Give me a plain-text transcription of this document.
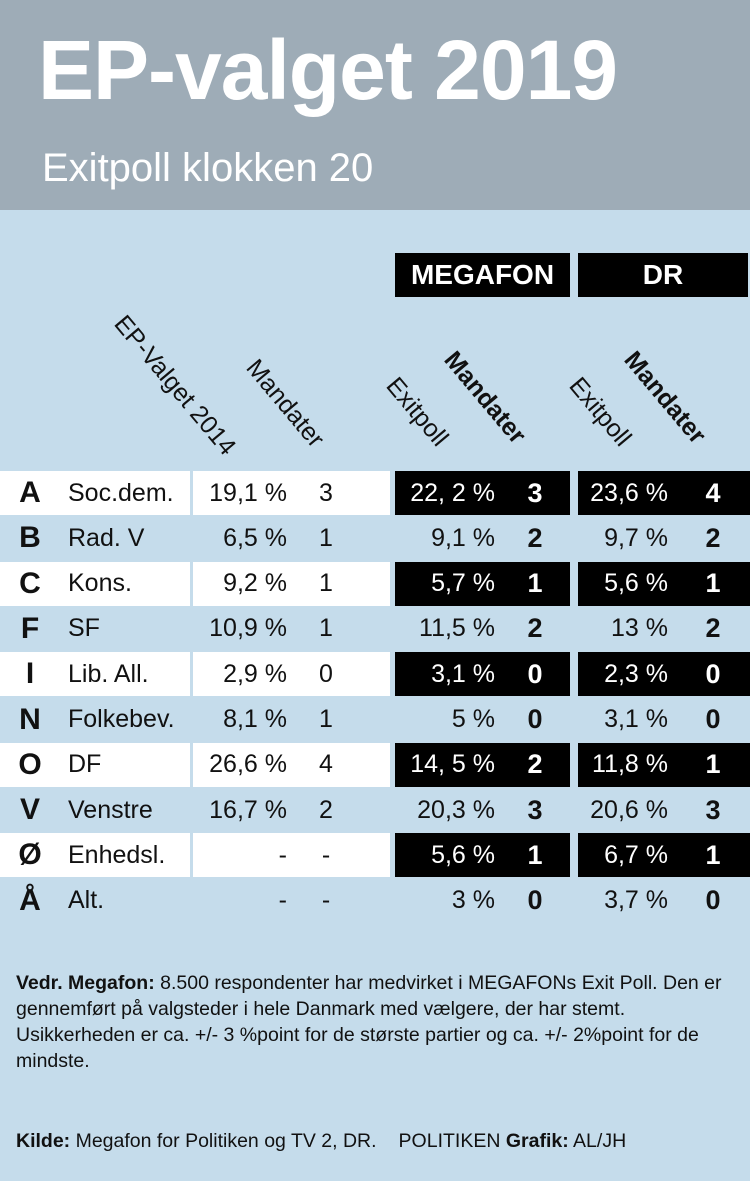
EP-valget 2019
Exitpoll klokken 20
MEGAFON	DR
EP-Valget 2014 Mandater Exitpoll
Mandater Exitpoll
Mandater
A	Soc.dem.	19,1 %	3	22, 2 %	3	23,6 %	4
B	Rad. V	6,5 %	1	9,1 %	2	9,7 %	2
C	Kons.	9,2 %	1	5,7 %	1	5,6 %	1
F	SF	10,9 %	1	11,5 %	2	13 %	2
I	Lib. All.	2,9 %	0	3,1 %	0	2,3 %	0
N	Folkebev.	8,1 %	1	5 %	0	3,1 %	0
O	DF	26,6 %	4	14, 5 %	2	11,8 %	1
V	Venstre	16,7 %	2	20,3 %	3	20,6 %	3
Ø	Enhedsl.	-	-	5,6 %	1	6,7 %	1
Å	Alt.	-	-	3 %	0	3,7 %	0
Vedr. Megafon: 8.500 respondenter har medvirket i MEGAFONs Exit Poll. Den er gennemført på valgsteder i hele Danmark med vælgere, der har stemt. Usikkerheden er ca. +/- 3 %point for de største partier og ca. +/- 2%point for de mindste.
Kilde: Megafon for Politiken og TV 2, DR. POLITIKEN Grafik: AL/JH
